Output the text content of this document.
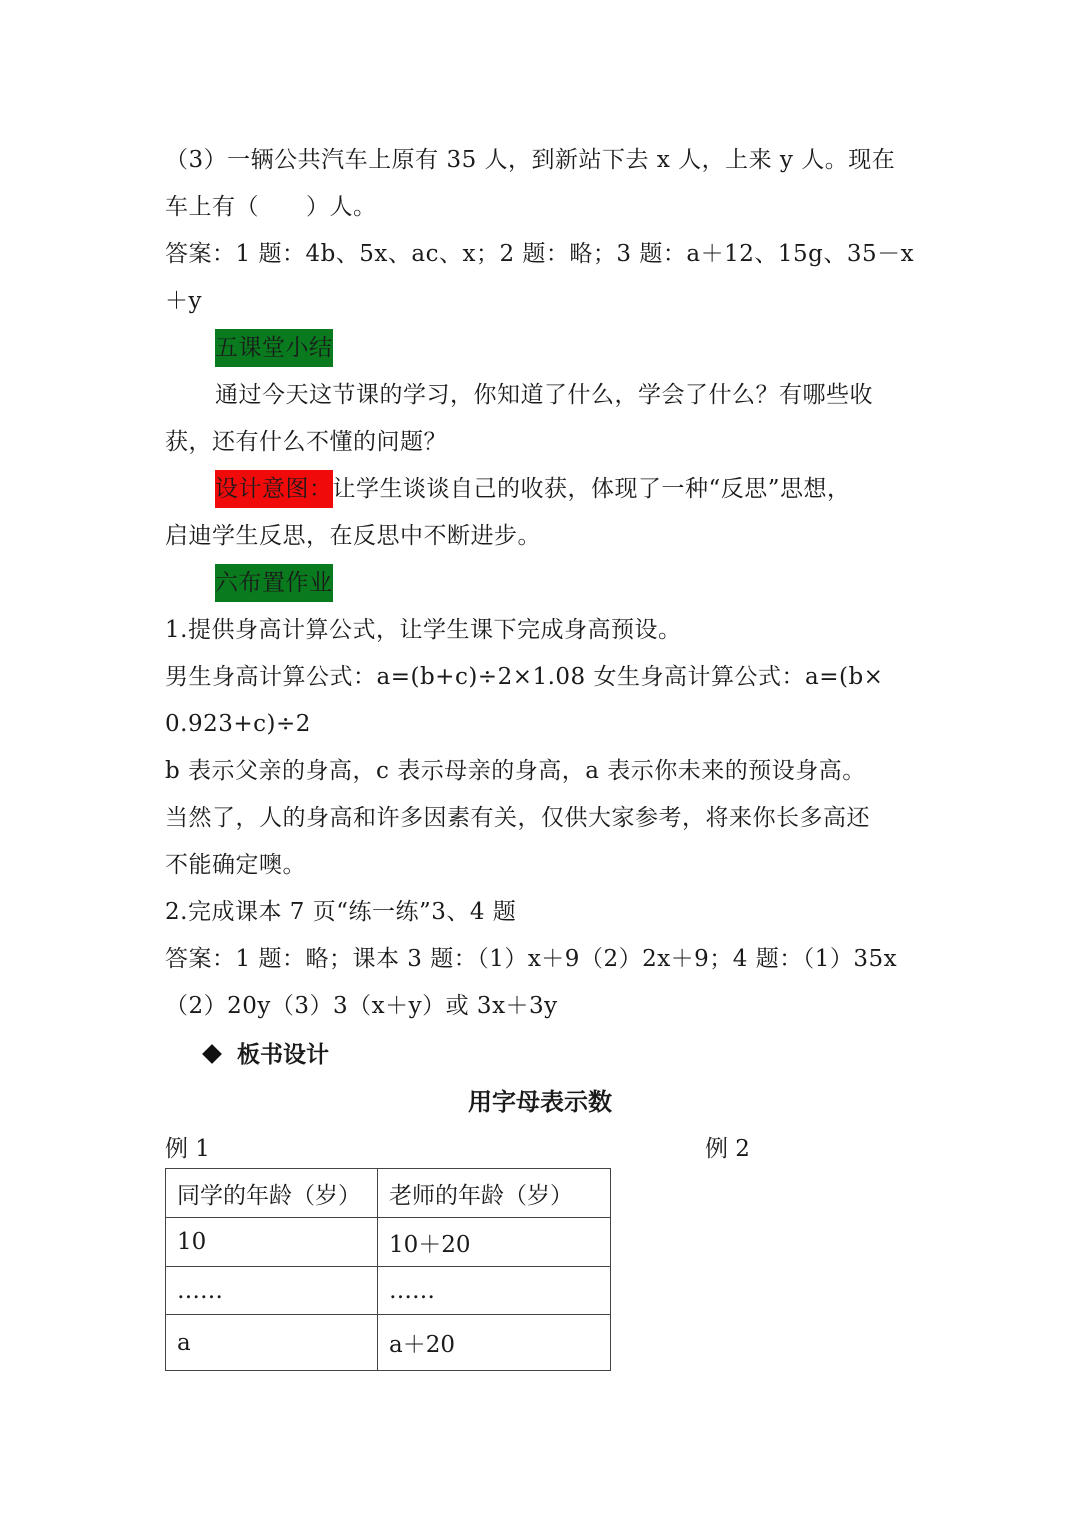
（3）一辆公共汽车上原有 35 人，到新站下去 x 人，上来 y 人。现在
车上有（　　）人。
答案：1 题：4b、5x、ac、x；2 题：略；3 题：a＋12、15g、35－x
＋y
五课堂小结
通过今天这节课的学习，你知道了什么，学会了什么？有哪些收
获，还有什么不懂的问题？
设计意图：让学生谈谈自己的收获，体现了一种“反思”思想，
启迪学生反思，在反思中不断进步。
六布置作业
1.提供身高计算公式，让学生课下完成身高预设。
男生身高计算公式：a=(b+c)÷2×1.08 女生身高计算公式：a=(b×
0.923+c)÷2
b 表示父亲的身高，c 表示母亲的身高，a 表示你未来的预设身高。
当然了，人的身高和许多因素有关，仅供大家参考，将来你长多高还
不能确定噢。
2.完成课本 7 页“练一练”3、4 题
答案：1 题：略；课本 3 题：（1）x＋9（2）2x＋9；4 题：（1）35x
（2）20y（3）3（x＋y）或 3x＋3y
板书设计
用字母表示数
例 1	例 2
同学的年龄（岁）	老师的年龄（岁）
10	10＋20
……	……
a	a＋20
